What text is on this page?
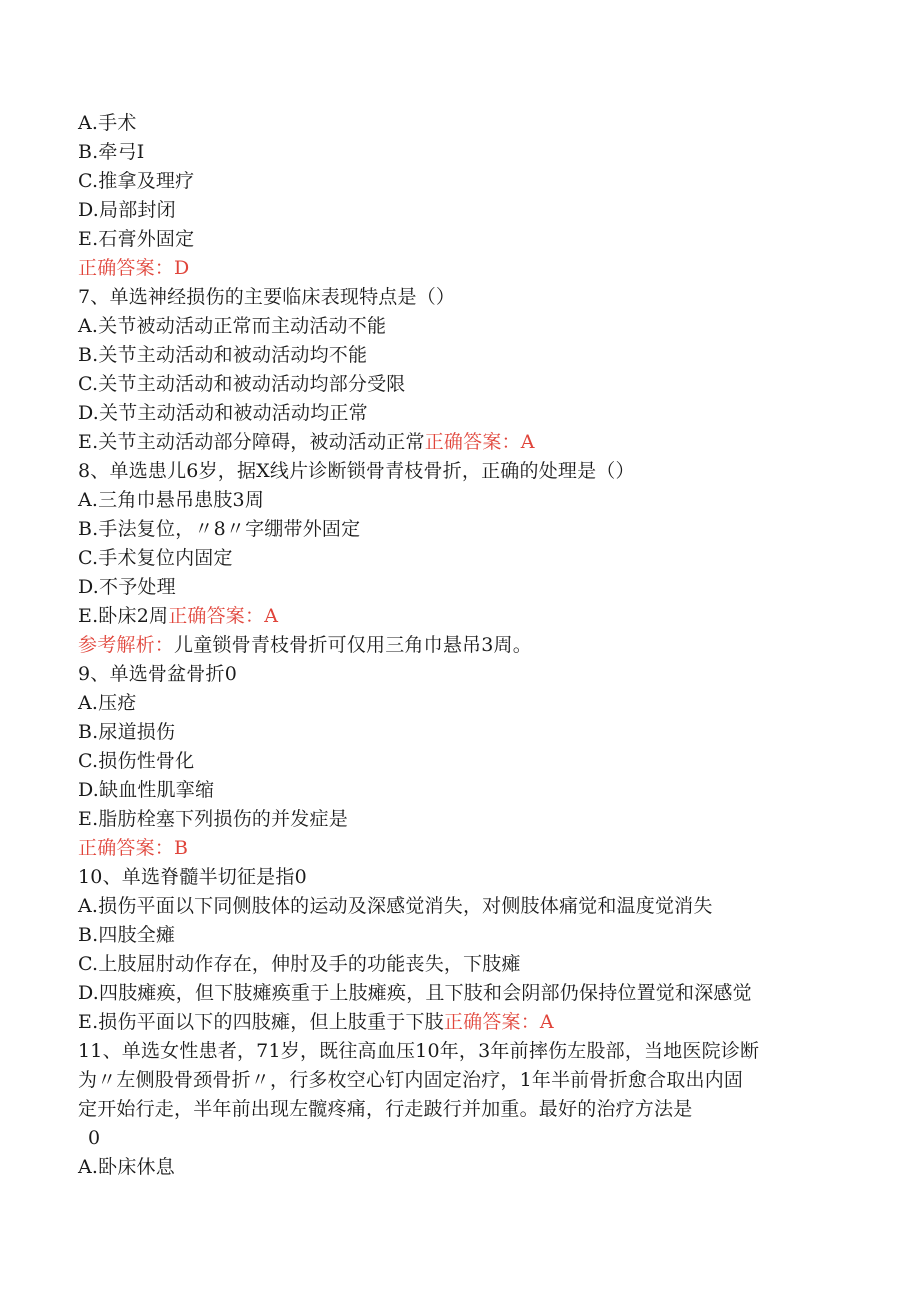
A.手术
B.牵弓I
C.推拿及理疗
D.局部封闭
E.石膏外固定
正确答案：D
7、单选神经损伤的主要临床表现特点是（）
A.关节被动活动正常而主动活动不能
B.关节主动活动和被动活动均不能
C.关节主动活动和被动活动均部分受限
D.关节主动活动和被动活动均正常
E.关节主动活动部分障碍，被动活动正常正确答案：A
8、单选患儿6岁，据X线片诊断锁骨青枝骨折，正确的处理是（）
A.三角巾悬吊患肢3周
B.手法复位，〃8〃字绷带外固定
C.手术复位内固定
D.不予处理
E.卧床2周正确答案：A
参考解析：儿童锁骨青枝骨折可仅用三角巾悬吊3周。
9、单选骨盆骨折0
A.压疮
B.尿道损伤
C.损伤性骨化
D.缺血性肌挛缩
E.脂肪栓塞下列损伤的并发症是
正确答案：B
10、单选脊髓半切征是指0
A.损伤平面以下同侧肢体的运动及深感觉消失，对侧肢体痛觉和温度觉消失
B.四肢全瘫
C.上肢屈肘动作存在，伸肘及手的功能丧失，下肢瘫
D.四肢瘫痪，但下肢瘫痪重于上肢瘫痪，且下肢和会阴部仍保持位置觉和深感觉
E.损伤平面以下的四肢瘫，但上肢重于下肢正确答案：A
11、单选女性患者，71岁，既往高血压10年，3年前摔伤左股部，当地医院诊断
为〃左侧股骨颈骨折〃，行多枚空心钉内固定治疗，1年半前骨折愈合取出内固
定开始行走，半年前出现左髋疼痛，行走跛行并加重。最好的治疗方法是
0
A.卧床休息
